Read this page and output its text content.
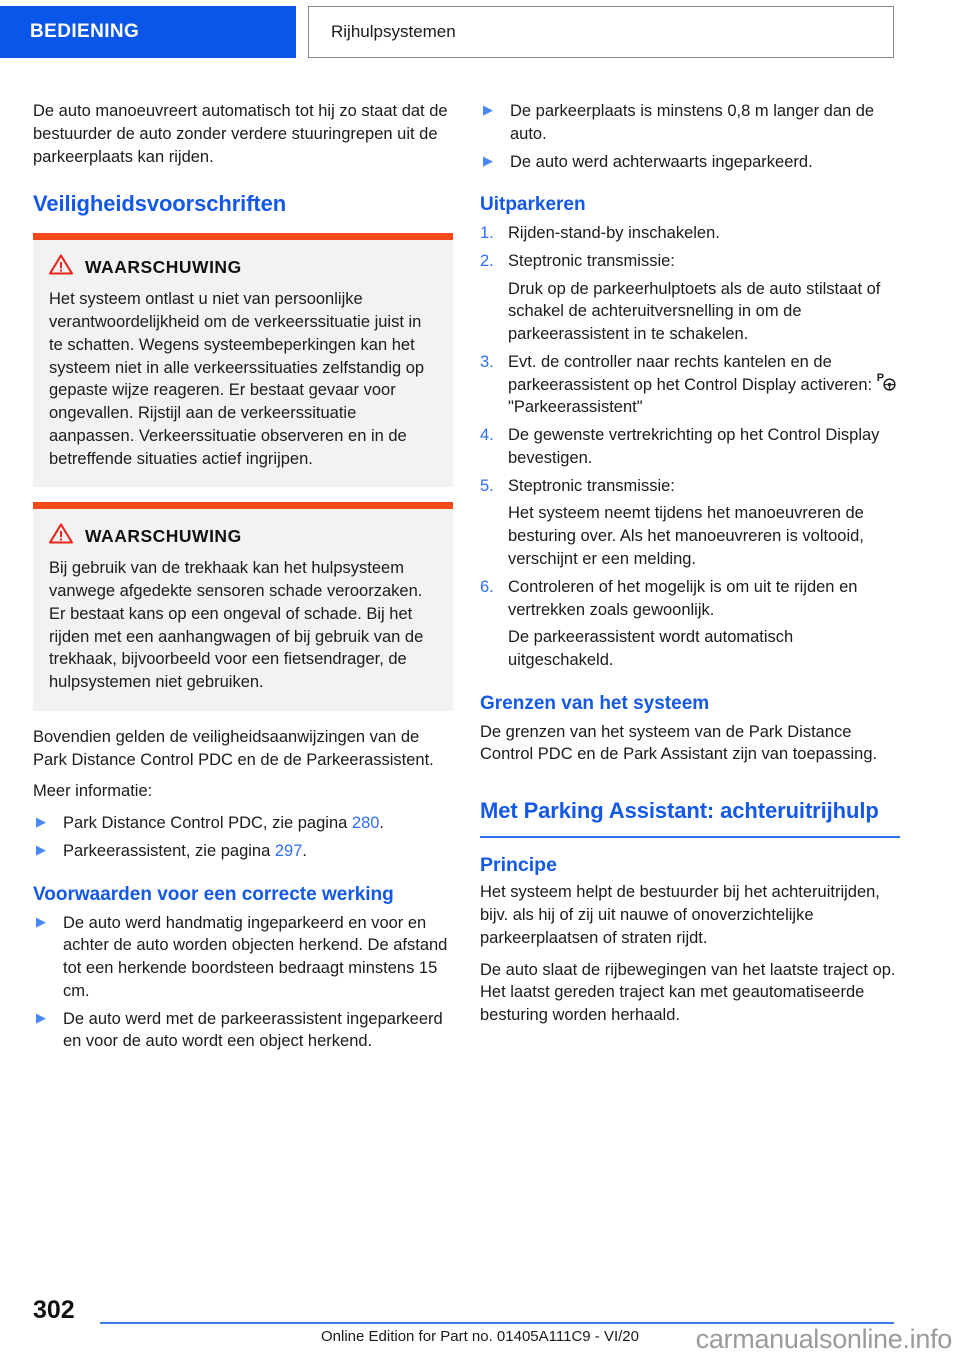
BEDIENING	Rijhulpsystemen

De auto manoeuvreert automatisch tot hij zo staat dat de bestuurder de auto zonder verdere stuuringrepen uit de parkeerplaats kan rijden.

Veiligheidsvoorschriften
WAARSCHUWING

Het systeem ontlast u niet van persoonlijke verantwoordelijkheid om de verkeerssituatie juist in te schatten. Wegens systeembeperkingen kan het systeem niet in alle verkeerssituaties zelfstandig op gepaste wijze reageren. Er bestaat gevaar voor ongevallen. Rijstijl aan de verkeerssituatie aanpassen. Verkeerssituatie observeren en in de betreffende situaties actief ingrijpen.

WAARSCHUWING

Bij gebruik van de trekhaak kan het hulpsysteem vanwege afgedekte sensoren schade veroorzaken. Er bestaat kans op een ongeval of schade. Bij het rijden met een aanhangwagen of bij gebruik van de trekhaak, bijvoorbeeld voor een fietsendrager, de hulpsystemen niet gebruiken.

Bovendien gelden de veiligheidsaanwijzingen van de Park Distance Control PDC en de de Parkeerassistent.

Meer informatie:

▶	Park Distance Control PDC, zie pagina 280.
▶	Parkeerassistent, zie pagina 297.
Voorwaarden voor een correcte werking
▶	De auto werd handmatig ingeparkeerd en voor en achter de auto worden objecten herkend. De afstand tot een herkende boordsteen bedraagt minstens 15 cm.
▶	De auto werd met de parkeerassistent ingeparkeerd en voor de auto wordt een object herkend.
▶	De parkeerplaats is minstens 0,8 m langer dan de auto.
▶	De auto werd achterwaarts ingeparkeerd.
Uitparkeren
1. Rijden-stand-by inschakelen.
2. Steptronic transmissie:
Druk op de parkeerhulptoets als de auto stilstaat of schakel de achteruitversnelling in om de parkeerassistent in te schakelen.
3. Evt. de controller naar rechts kantelen en de parkeerassistent op het Control Display activeren: P
"Parkeerassistent"
4. De gewenste vertrekrichting op het Control Display bevestigen.
5. Steptronic transmissie:
Het systeem neemt tijdens het manoeuvreren de besturing over. Als het manoeuvreren is voltooid, verschijnt er een melding.
6. Controleren of het mogelijk is om uit te rijden en vertrekken zoals gewoonlijk.
De parkeerassistent wordt automatisch uitgeschakeld.
Grenzen van het systeem

De grenzen van het systeem van de Park Distance Control PDC en de Park Assistant zijn van toepassing.

Met Parking Assistant: achteruitrijhulp
Principe

Het systeem helpt de bestuurder bij het achteruitrijden, bijv. als hij of zij uit nauwe of onoverzichtelijke parkeerplaatsen of straten rijdt.

De auto slaat de rijbewegingen van het laatste traject op. Het laatst gereden traject kan met geautomatiseerde besturing worden herhaald.

302
Online Edition for Part no. 01405A111C9 - VI/20	carmanualsonline.info
